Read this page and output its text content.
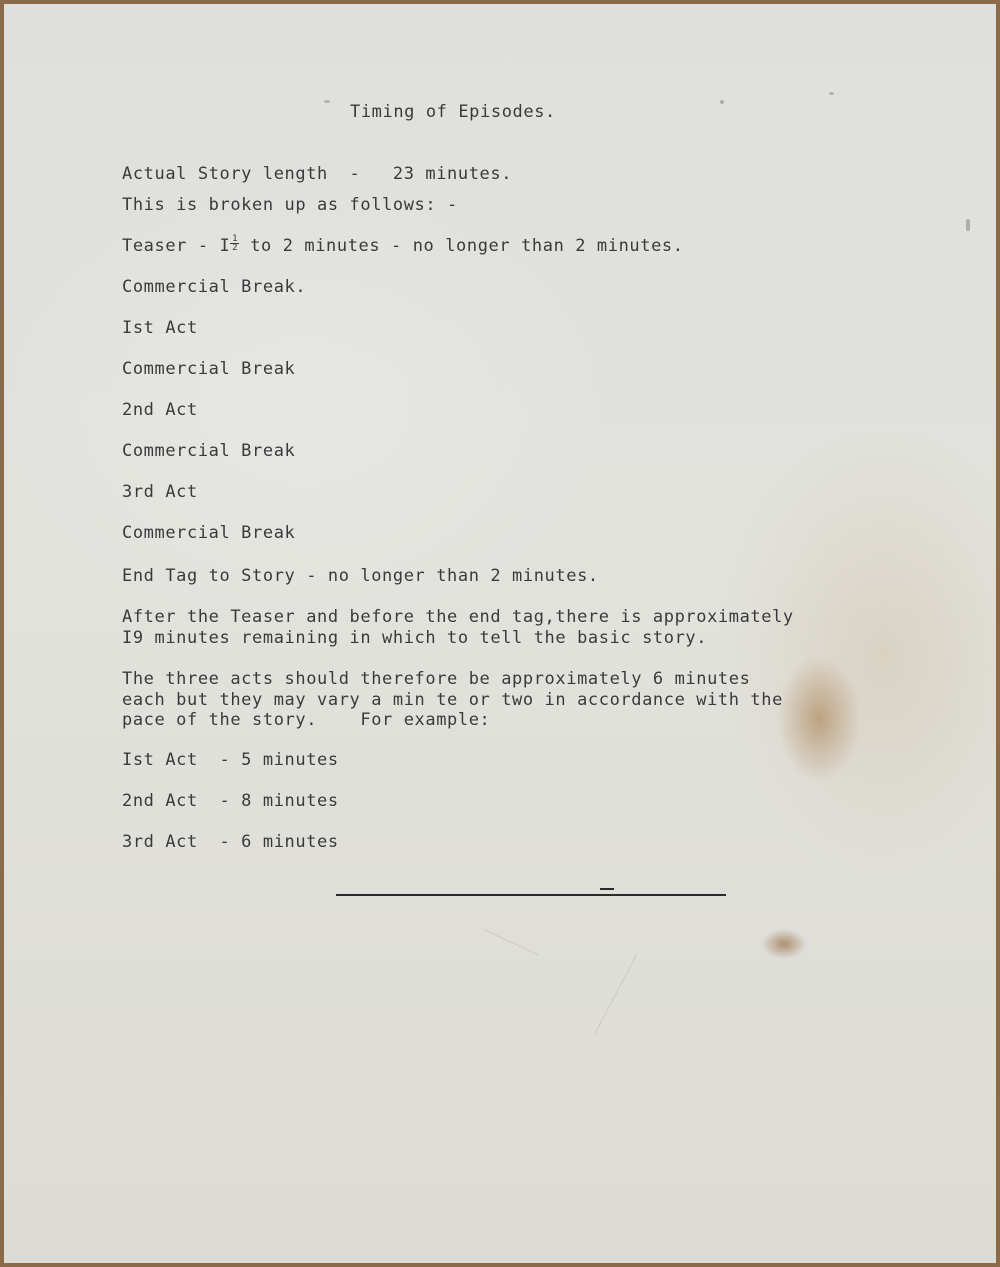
Timing of Episodes.
Actual Story length  -   23 minutes.
This is broken up as follows: -
Teaser - I $\frac{1}{2}$ to 2 minutes - no longer than 2 minutes.
Commercial Break.
Ist Act
Commercial Break
2nd Act
Commercial Break
3rd Act
Commercial Break
End Tag to Story - no longer than 2 minutes.
After the Teaser and before the end tag,there is approximately
I9 minutes remaining in which to tell the basic story.
The three acts should therefore be approximately 6 minutes
each but they may vary a min te or two in accordance with the
pace of the story.    For example:
Ist Act  - 5 minutes
2nd Act  - 8 minutes
3rd Act  - 6 minutes
